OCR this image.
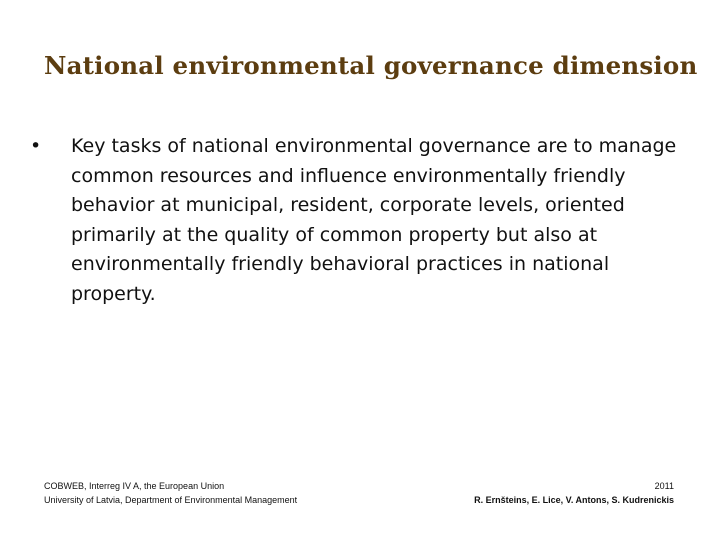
National environmental governance dimension
• Key tasks of national environmental governance are to manage common resources and influence environmentally friendly behavior at municipal, resident, corporate levels, oriented primarily at the quality of common property but also at environmentally friendly behavioral practices in national property.
COBWEB, Interreg IV A, the European Union
University of Latvia, Department of Environmental Management
2011
R. Ernšteins, E. Lice, V. Antons, S. Kudrenickis
